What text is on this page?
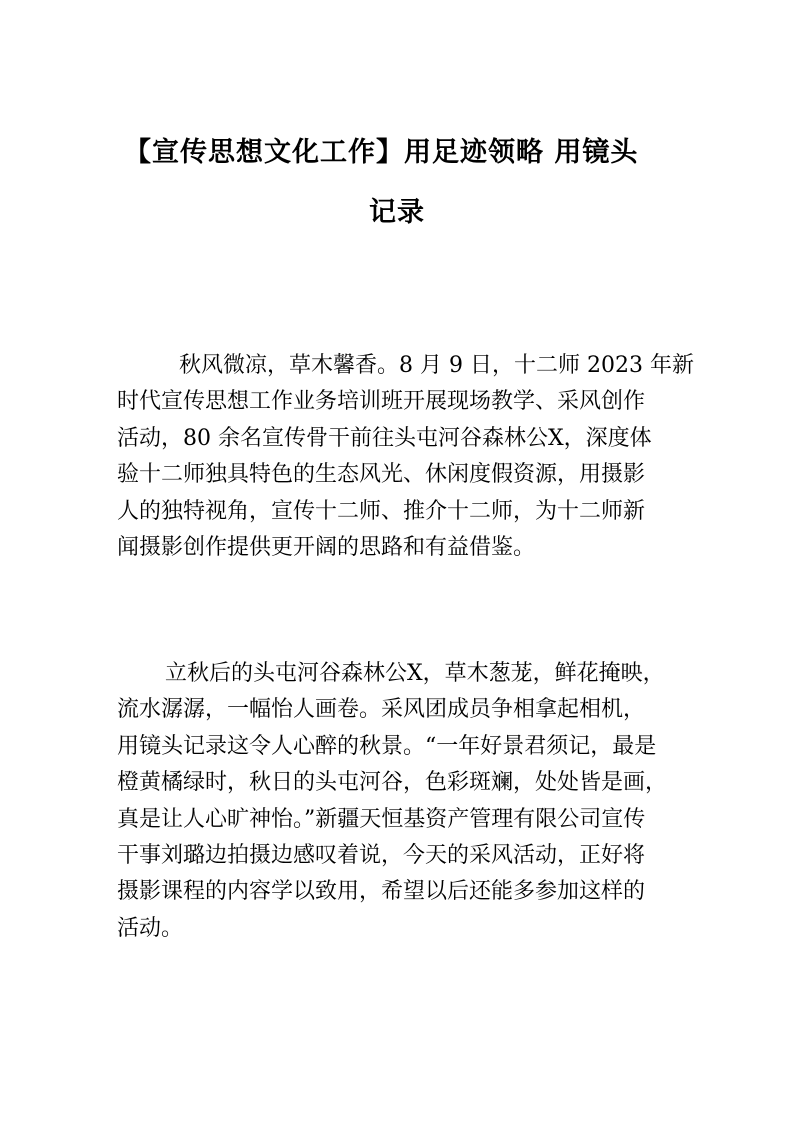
【宣传思想文化工作】用足迹领略 用镜头
记录
秋风微凉，草木馨香。8 月 9 日，十二师 2023 年新
时代宣传思想工作业务培训班开展现场教学、采风创作
活动，80 余名宣传骨干前往头屯河谷森林公X，深度体
验十二师独具特色的生态风光、休闲度假资源，用摄影
人的独特视角，宣传十二师、推介十二师，为十二师新
闻摄影创作提供更开阔的思路和有益借鉴。
立秋后的头屯河谷森林公X，草木葱茏，鲜花掩映，
流水潺潺，一幅怡人画卷。采风团成员争相拿起相机，
用镜头记录这令人心醉的秋景。“一年好景君须记，最是
橙黄橘绿时，秋日的头屯河谷，色彩斑斓，处处皆是画，
真是让人心旷神怡。”新疆天恒基资产管理有限公司宣传
干事刘璐边拍摄边感叹着说，今天的采风活动，正好将
摄影课程的内容学以致用，希望以后还能多参加这样的
活动。
